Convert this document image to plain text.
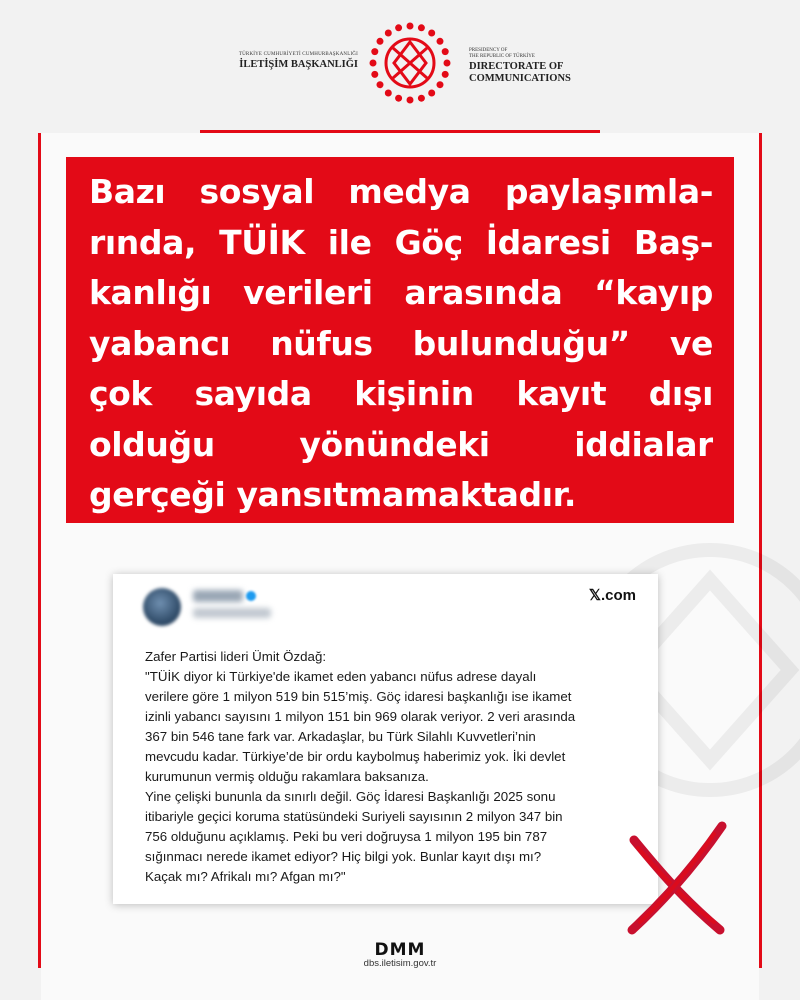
TÜRKİYE CUMHURİYETİ CUMHURBAŞKANLIĞI
İLETİŞİM BAŞKANLIĞI
PRESIDENCY OF
THE REPUBLIC OF TÜRKİYE
DIRECTORATE OF
COMMUNICATIONS
Bazı sosyal medya paylaşımla-
rında, TÜİK ile Göç İdaresi Baş-
kanlığı verileri arasında “kayıp
yabancı nüfus bulunduğu” ve
çok sayıda kişinin kayıt dışı
olduğu yönündeki iddialar
gerçeği yansıtmamaktadır.
𝕏.com
Zafer Partisi lideri Ümit Özdağ:
"TÜİK diyor ki Türkiye'de ikamet eden yabancı nüfus adrese dayalı
verilere göre 1 milyon 519 bin 515’miş. Göç idaresi başkanlığı ise ikamet
izinli yabancı sayısını 1 milyon 151 bin 969 olarak veriyor. 2 veri arasında
367 bin 546 tane fark var. Arkadaşlar, bu Türk Silahlı Kuvvetleri’nin
mevcudu kadar. Türkiye’de bir ordu kaybolmuş haberimiz yok. İki devlet
kurumunun vermiş olduğu rakamlara baksanıza.
Yine çelişki bununla da sınırlı değil. Göç İdaresi Başkanlığı 2025 sonu
itibariyle geçici koruma statüsündeki Suriyeli sayısının 2 milyon 347 bin
756 olduğunu açıklamış. Peki bu veri doğruysa 1 milyon 195 bin 787
sığınmacı nerede ikamet ediyor? Hiç bilgi yok. Bunlar kayıt dışı mı?
Kaçak mı? Afrikalı mı? Afgan mı?"
DMM
dbs.iletisim.gov.tr
